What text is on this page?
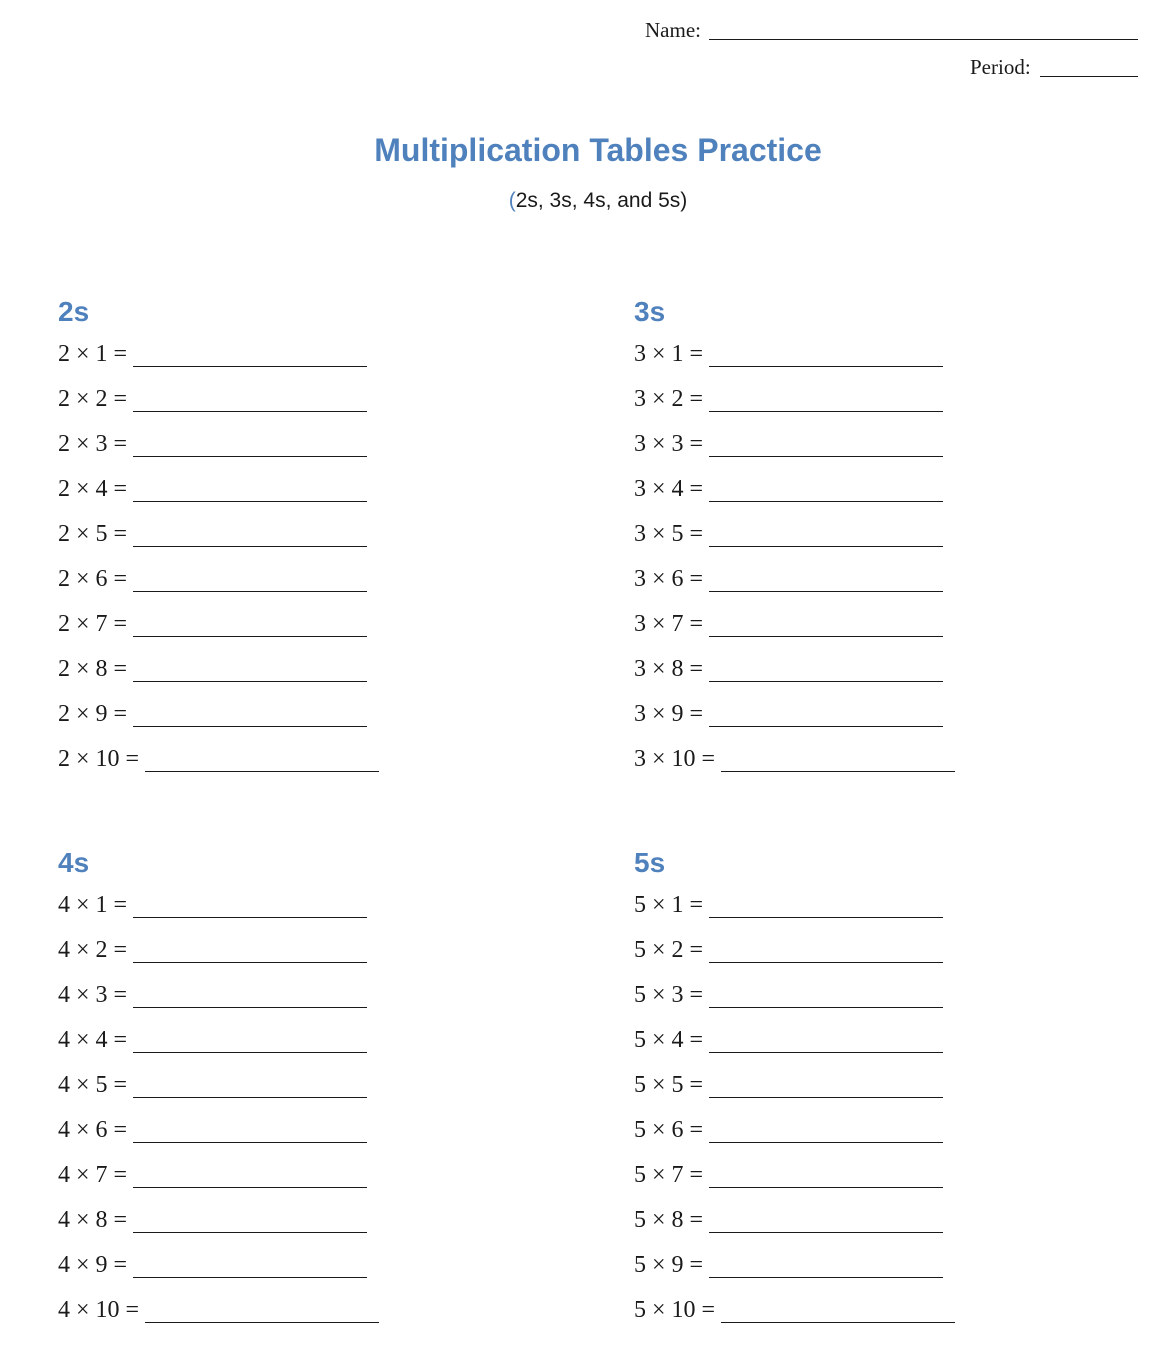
Name:
Period:
Multiplication Tables Practice
(2s, 3s, 4s, and 5s)
2s
2 × 1 =
2 × 2 =
2 × 3 =
2 × 4 =
2 × 5 =
2 × 6 =
2 × 7 =
2 × 8 =
2 × 9 =
2 × 10 =
3s
3 × 1 =
3 × 2 =
3 × 3 =
3 × 4 =
3 × 5 =
3 × 6 =
3 × 7 =
3 × 8 =
3 × 9 =
3 × 10 =
4s
4 × 1 =
4 × 2 =
4 × 3 =
4 × 4 =
4 × 5 =
4 × 6 =
4 × 7 =
4 × 8 =
4 × 9 =
4 × 10 =
5s
5 × 1 =
5 × 2 =
5 × 3 =
5 × 4 =
5 × 5 =
5 × 6 =
5 × 7 =
5 × 8 =
5 × 9 =
5 × 10 =
